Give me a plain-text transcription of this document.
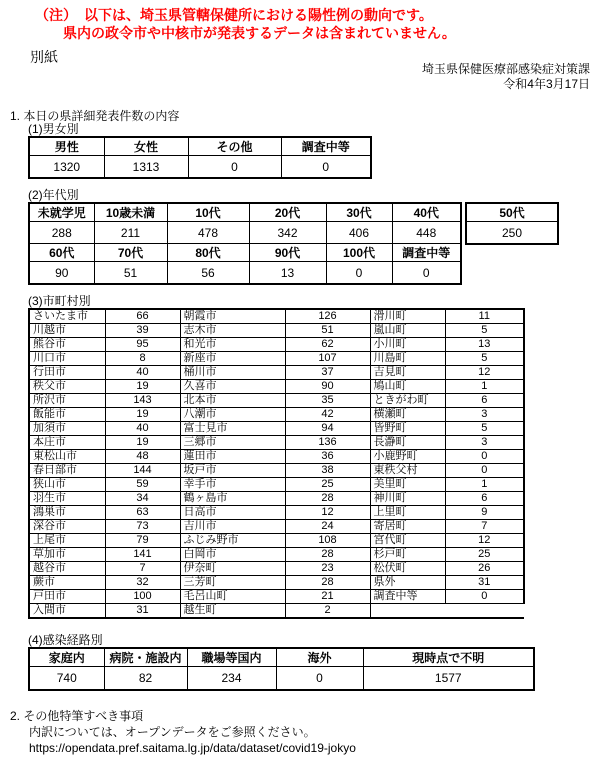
（注）　以下は、埼玉県管轄保健所における陽性例の動向です。
県内の政令市や中核市が発表するデータは含まれていません。
別紙
埼玉県保健医療部感染症対策課
令和4年3月17日
1. 本日の県詳細発表件数の内容
(1)男女別
男性	女性	その他	調査中等
1320	1313	0	0
(2)年代別
未就学児	10歳未満	10代	20代	30代	40代
288	211	478	342	406	448
60代	70代	80代	90代	100代	調査中等
90	51	56	13	0	0
50代
250
(3)市町村別
さいたま市	66	朝霞市	126	滑川町	11
川越市	39	志木市	51	嵐山町	5
熊谷市	95	和光市	62	小川町	13
川口市	8	新座市	107	川島町	5
行田市	40	桶川市	37	吉見町	12
秩父市	19	久喜市	90	鳩山町	1
所沢市	143	北本市	35	ときがわ町	6
飯能市	19	八潮市	42	横瀬町	3
加須市	40	富士見市	94	皆野町	5
本庄市	19	三郷市	136	長瀞町	3
東松山市	48	蓮田市	36	小鹿野町	0
春日部市	144	坂戸市	38	東秩父村	0
狭山市	59	幸手市	25	美里町	1
羽生市	34	鶴ヶ島市	28	神川町	6
鴻巣市	63	日高市	12	上里町	9
深谷市	73	吉川市	24	寄居町	7
上尾市	79	ふじみ野市	108	宮代町	12
草加市	141	白岡市	28	杉戸町	25
越谷市	7	伊奈町	23	松伏町	26
蕨市	32	三芳町	28	県外	31
戸田市	100	毛呂山町	21	調査中等	0
入間市	31	越生町	2		
(4)感染経路別
家庭内	病院・施設内	職場等国内	海外	現時点で不明
740	82	234	0	1577
2. その他特筆すべき事項
内訳については、オープンデータをご参照ください。
https://opendata.pref.saitama.lg.jp/data/dataset/covid19-jokyo
